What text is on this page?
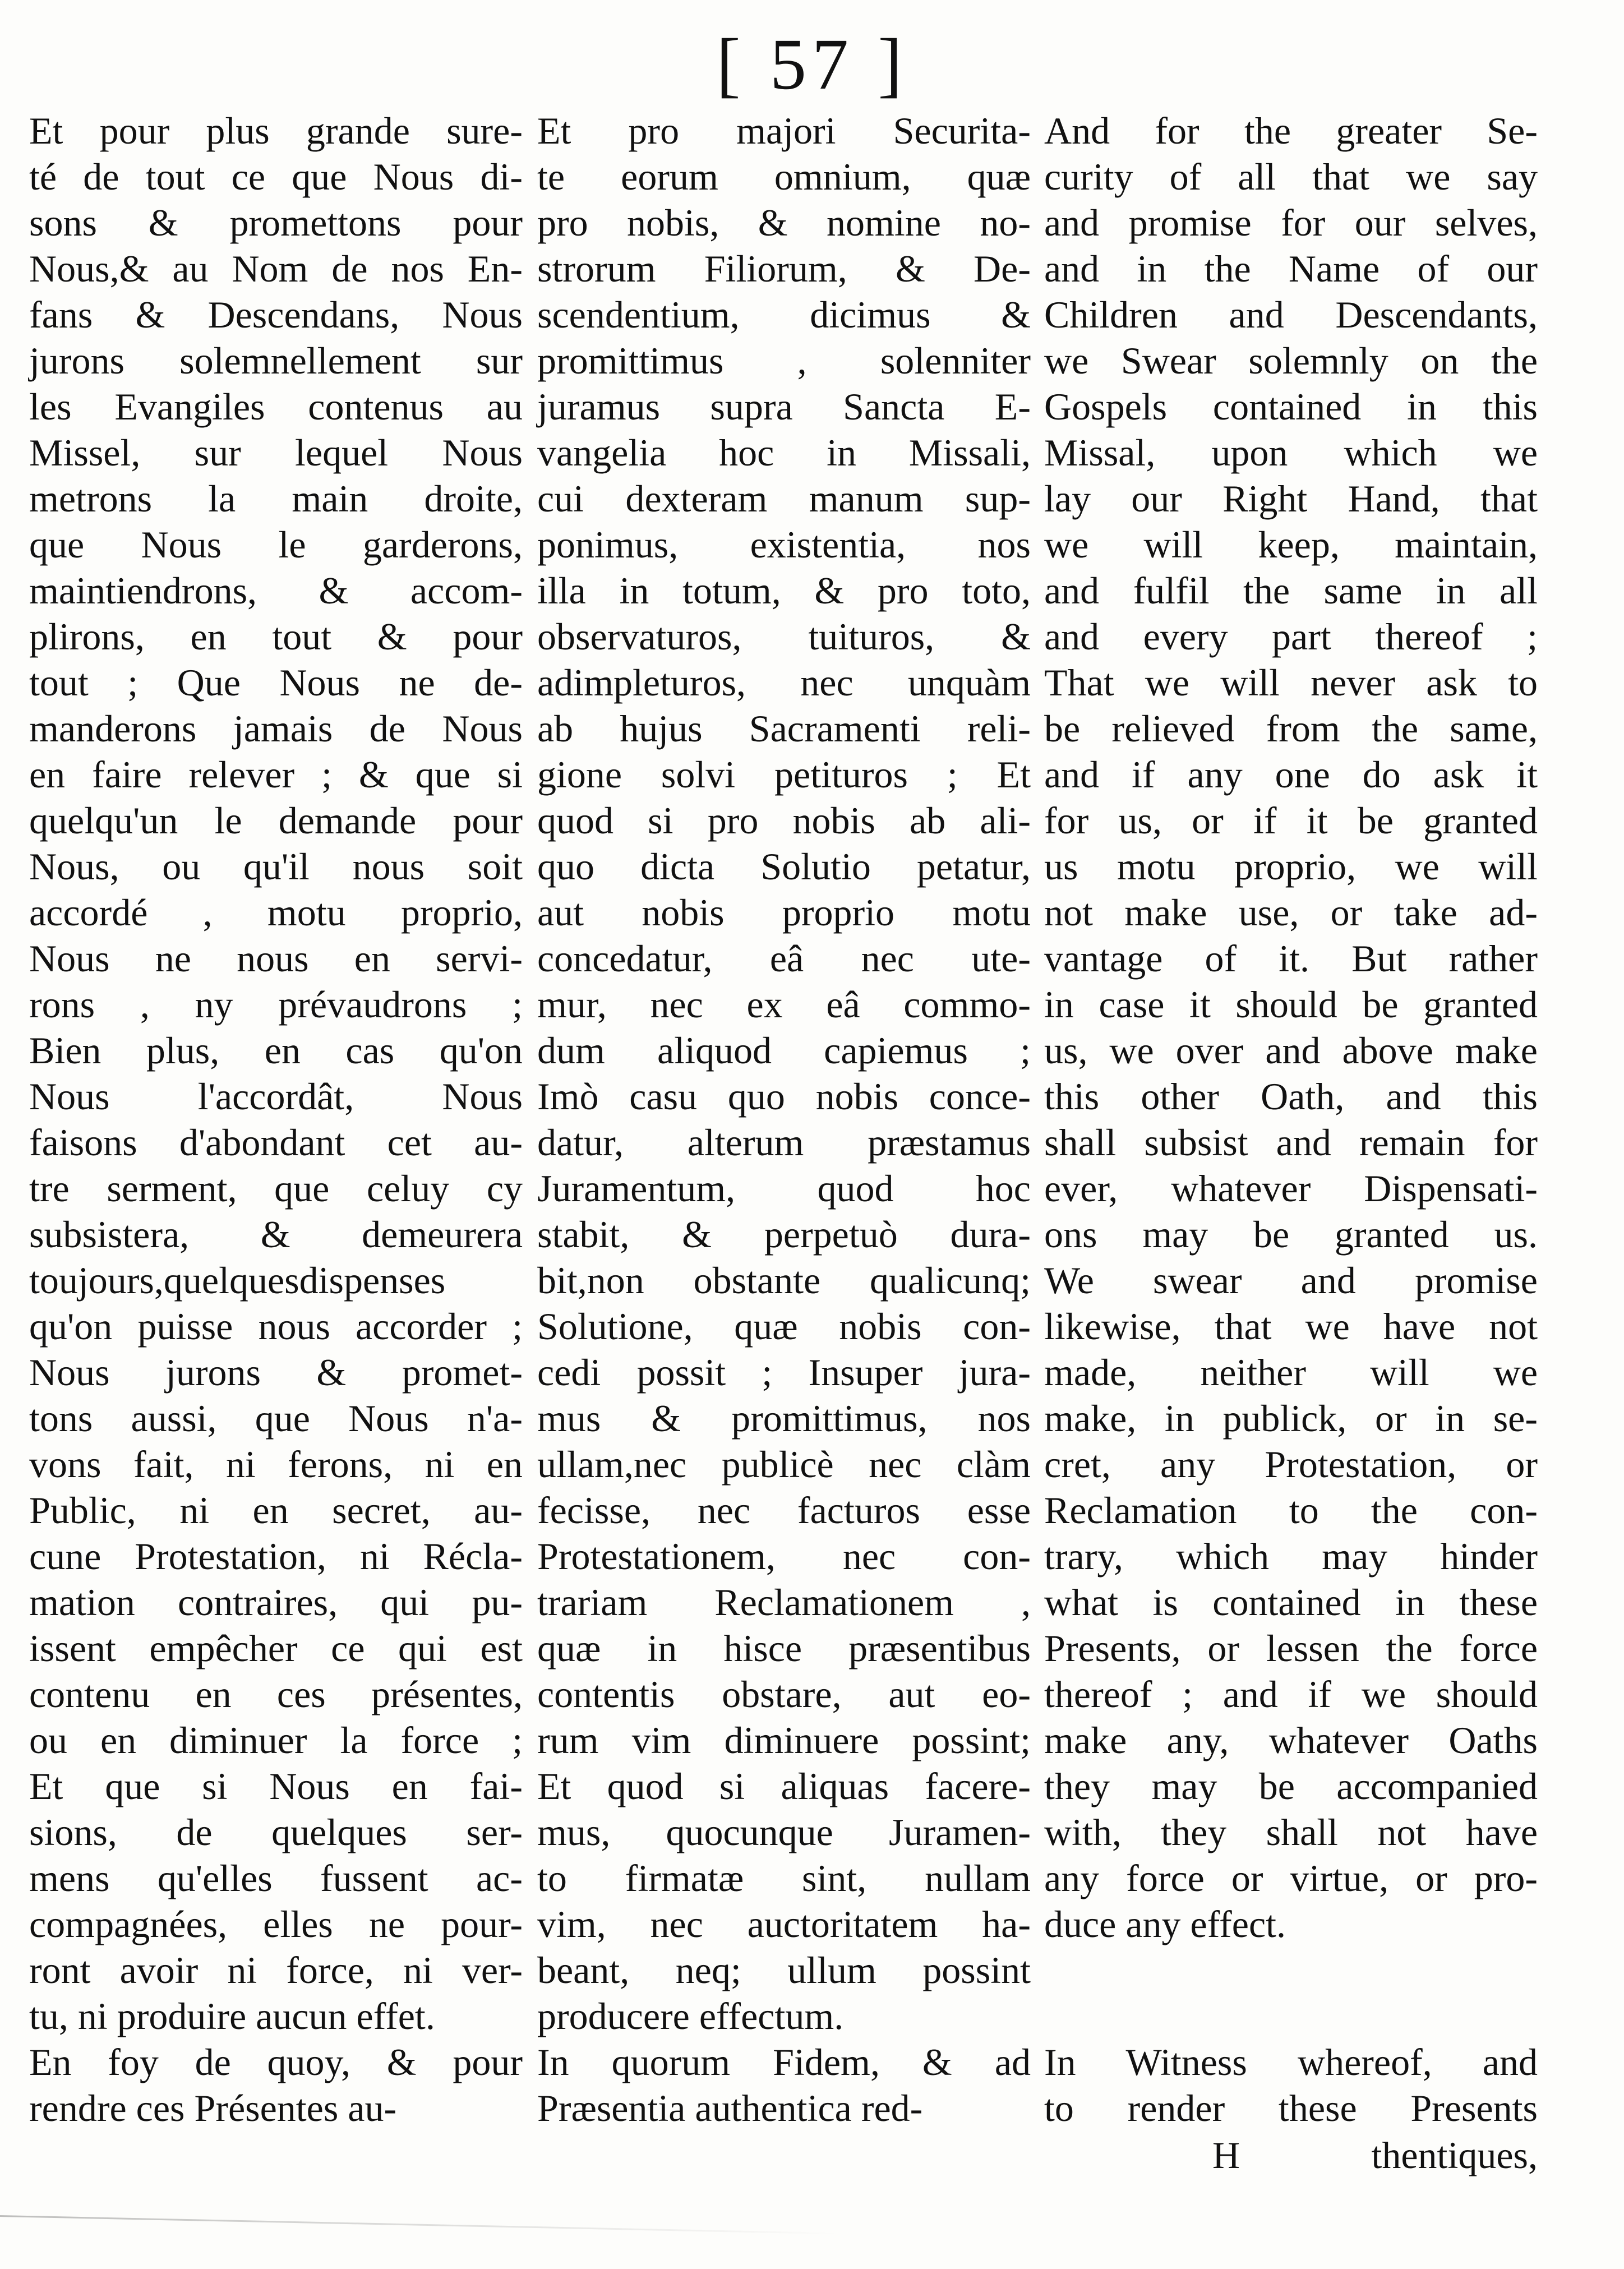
[ 57 ]
Et pour plus grande sure-
té de tout ce que Nous di-
sons & promettons pour
Nous,& au Nom de nos En-
fans & Descendans, Nous
jurons solemnellement sur
les Evangiles contenus au
Missel, sur lequel Nous
metrons la main droite,
que Nous le garderons,
maintiendrons, & accom-
plirons, en tout & pour
tout ; Que Nous ne de-
manderons jamais de Nous
en faire relever ; & que si
quelqu'un le demande pour
Nous, ou qu'il nous soit
accordé , motu proprio,
Nous ne nous en servi-
rons , ny prévaudrons ;
Bien plus, en cas qu'on
Nous l'accordât, Nous
faisons d'abondant cet au-
tre serment, que celuy cy
subsistera, & demeurera
toujours,quelquesdispenses
qu'on puisse nous accorder ;
Nous jurons & promet-
tons aussi, que Nous n'a-
vons fait, ni ferons, ni en
Public, ni en secret, au-
cune Protestation, ni Récla-
mation contraires, qui pu-
issent empêcher ce qui est
contenu en ces présentes,
ou en diminuer la force ;
Et que si Nous en fai-
sions, de quelques ser-
mens qu'elles fussent ac-
compagnées, elles ne pour-
ront avoir ni force, ni ver-
tu, ni produire aucun effet.
En foy de quoy, & pour
rendre ces Présentes au-
Et pro majori Securita-
te eorum omnium, quæ
pro nobis, & nomine no-
strorum Filiorum, & De-
scendentium, dicimus &
promittimus , solenniter
juramus supra Sancta E-
vangelia hoc in Missali,
cui dexteram manum sup-
ponimus, existentia, nos
illa in totum, & pro toto,
observaturos, tuituros, &
adimpleturos, nec unquàm
ab hujus Sacramenti reli-
gione solvi petituros ; Et
quod si pro nobis ab ali-
quo dicta Solutio petatur,
aut nobis proprio motu
concedatur, eâ nec ute-
mur, nec ex eâ commo-
dum aliquod capiemus ;
Imò casu quo nobis conce-
datur, alterum præstamus
Juramentum, quod hoc
stabit, & perpetuò dura-
bit,non obstante qualicunq;
Solutione, quæ nobis con-
cedi possit ; Insuper jura-
mus & promittimus, nos
ullam,nec publicè nec clàm
fecisse, nec facturos esse
Protestationem, nec con-
trariam Reclamationem ,
quæ in hisce præsentibus
contentis obstare, aut eo-
rum vim diminuere possint;
Et quod si aliquas facere-
mus, quocunque Juramen-
to firmatæ sint, nullam
vim, nec auctoritatem ha-
beant, neq; ullum possint
producere effectum.
In quorum Fidem, & ad
Præsentia authentica red-
And for the greater Se-
curity of all that we say
and promise for our selves,
and in the Name of our
Children and Descendants,
we Swear solemnly on the
Gospels contained in this
Missal, upon which we
lay our Right Hand, that
we will keep, maintain,
and fulfil the same in all
and every part thereof ;
That we will never ask to
be relieved from the same,
and if any one do ask it
for us, or if it be granted
us motu proprio, we will
not make use, or take ad-
vantage of it. But rather
in case it should be granted
us, we over and above make
this other Oath, and this
shall subsist and remain for
ever, whatever Dispensati-
ons may be granted us.
We swear and promise
likewise, that we have not
made, neither will we
make, in publick, or in se-
cret, any Protestation, or
Reclamation to the con-
trary, which may hinder
what is contained in these
Presents, or lessen the force
thereof ; and if we should
make any, whatever Oaths
they may be accompanied
with, they shall not have
any force or virtue, or pro-
duce any effect.
In Witness whereof, and
to render these Presents
H	thentiques,
